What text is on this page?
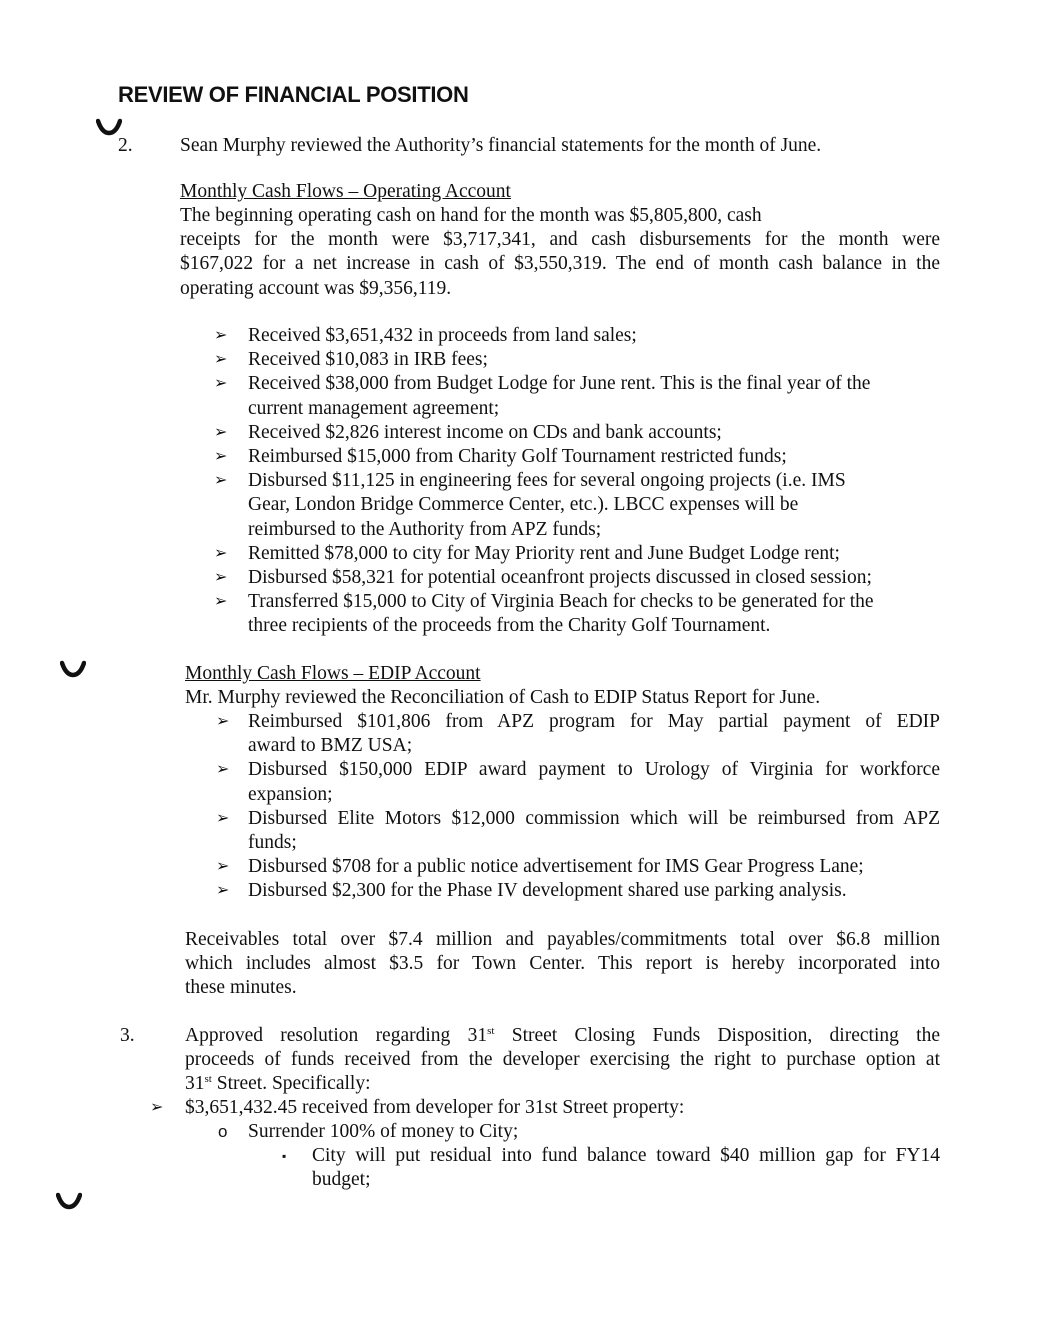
REVIEW OF FINANCIAL POSITION
2. Sean Murphy reviewed the Authority’s financial statements for the month of June.
Monthly Cash Flows – Operating Account
The beginning operating cash on hand for the month was $5,805,800, cash
receipts for the month were $3,717,341, and cash disbursements for the month were
$167,022 for a net increase in cash of $3,550,319. The end of month cash balance in the
operating account was $9,356,119.
➢ Received $3,651,432 in proceeds from land sales;
➢ Received $10,083 in IRB fees;
➢ Received $38,000 from Budget Lodge for June rent. This is the final year of the
current management agreement;
➢ Received $2,826 interest income on CDs and bank accounts;
➢ Reimbursed $15,000 from Charity Golf Tournament restricted funds;
➢ Disbursed $11,125 in engineering fees for several ongoing projects (i.e. IMS
Gear, London Bridge Commerce Center, etc.). LBCC expenses will be
reimbursed to the Authority from APZ funds;
➢ Remitted $78,000 to city for May Priority rent and June Budget Lodge rent;
➢ Disbursed $58,321 for potential oceanfront projects discussed in closed session;
➢ Transferred $15,000 to City of Virginia Beach for checks to be generated for the
three recipients of the proceeds from the Charity Golf Tournament.
Monthly Cash Flows – EDIP Account
Mr. Murphy reviewed the Reconciliation of Cash to EDIP Status Report for June.
➢ Reimbursed $101,806 from APZ program for May partial payment of EDIP
award to BMZ USA;
➢ Disbursed $150,000 EDIP award payment to Urology of Virginia for workforce
expansion;
➢ Disbursed Elite Motors $12,000 commission which will be reimbursed from APZ
funds;
➢ Disbursed $708 for a public notice advertisement for IMS Gear Progress Lane;
➢ Disbursed $2,300 for the Phase IV development shared use parking analysis.
Receivables total over $7.4 million and payables/commitments total over $6.8 million
which includes almost $3.5 for Town Center. This report is hereby incorporated into
these minutes.
3.	Approved resolution regarding 31st Street Closing Funds Disposition, directing the
proceeds of funds received from the developer exercising the right to purchase option at
31st Street. Specifically:
➢	$3,651,432.45 received from developer for 31st Street property:
o	Surrender 100% of money to City;
▪ City will put residual into fund balance toward $40 million gap for FY14
budget;
